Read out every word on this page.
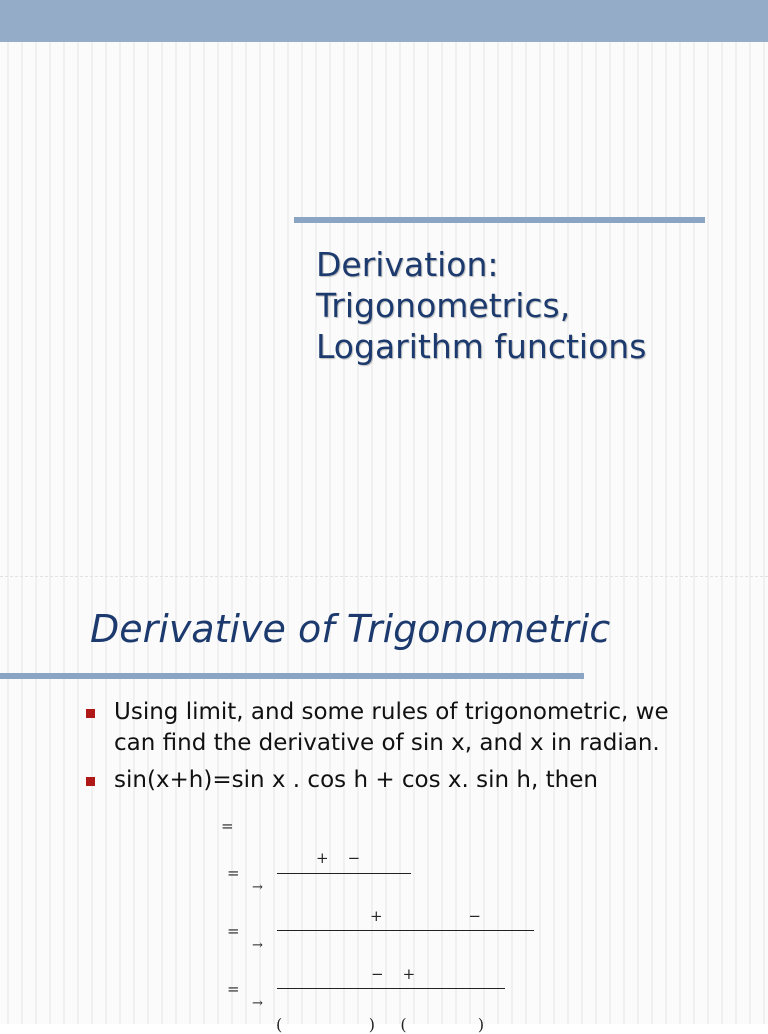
Derivation:
Trigonometrics,
Logarithm functions
Derivative of Trigonometric
Using limit, and some rules of trigonometric, we
can find the derivative of sin x, and x in radian.
sin(x+h)=sin x . cos h + cos x. sin h, then
=
+    −
=
→
+                  −
=
→
−    +
=
→
(                 )     (              )
